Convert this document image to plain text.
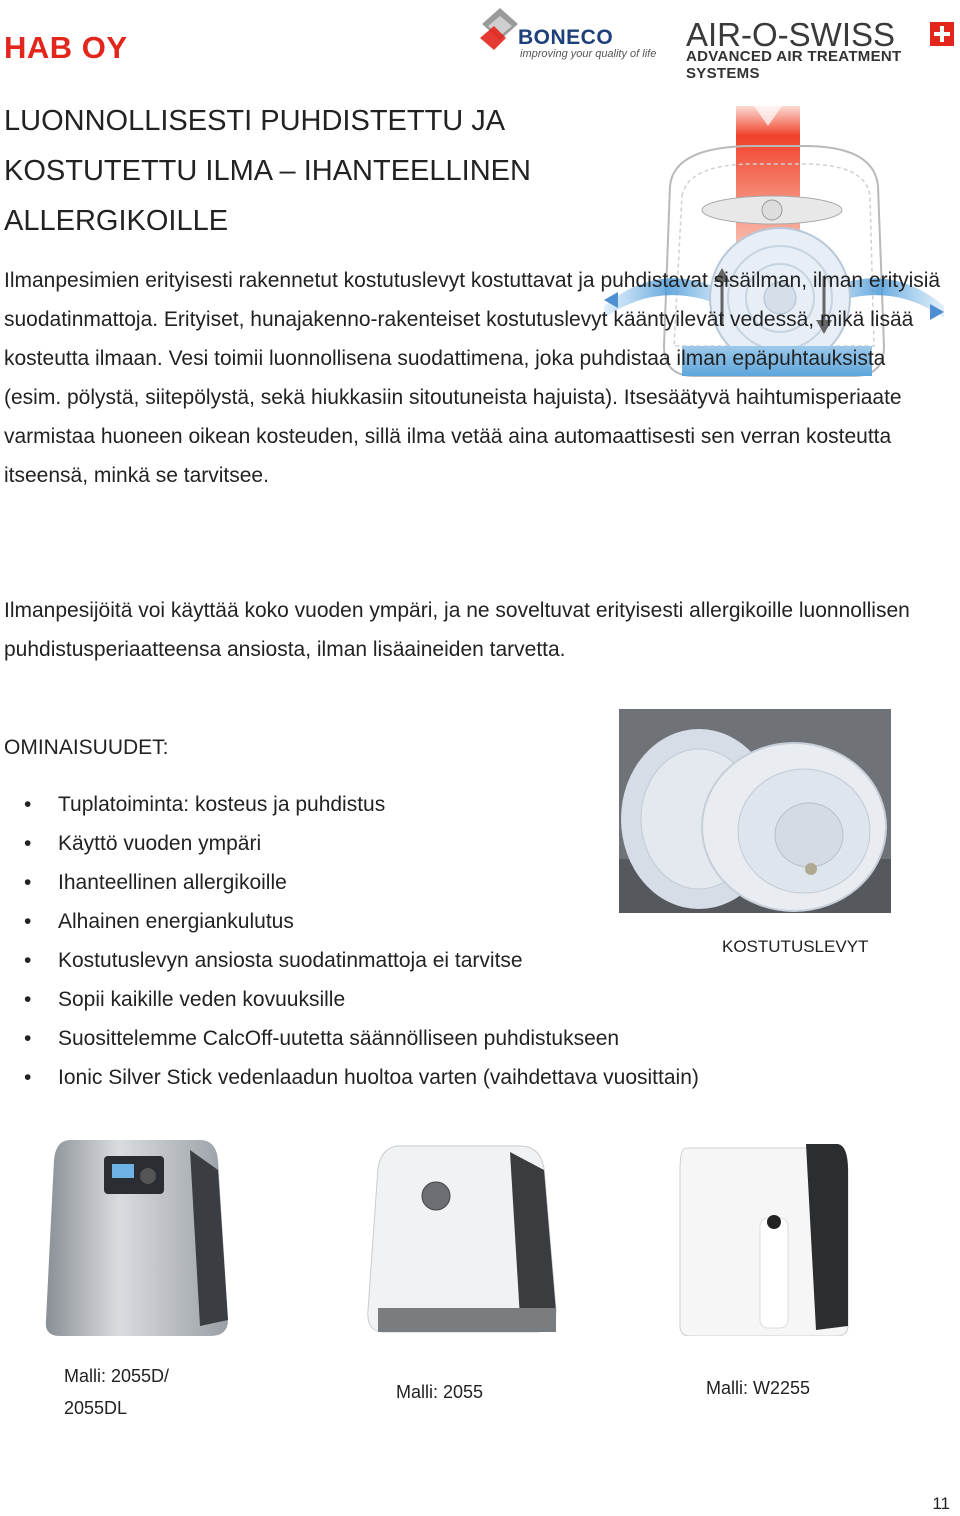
HAB OY	BONECO
improving your quality of life
AIR-O-SWISS
ADVANCED AIR TREATMENT SYSTEMS
LUONNOLLISESTI PUHDISTETTU JA KOSTUTETTU ILMA – IHANTEELLINEN ALLERGIKOILLE
Ilmanpesimien erityisesti rakennetut kostutuslevyt kostuttavat ja puhdistavat sisäilman, ilman erityisiä suodatinmattoja. Erityiset, hunajakenno-rakenteiset kostutuslevyt kääntyilevät vedessä, mikä lisää kosteutta ilmaan. Vesi toimii luonnollisena suodattimena, joka puhdistaa ilman epäpuhtauksista (esim. pölystä, siitepölystä, sekä hiukkasiin sitoutuneista hajuista). Itsesäätyvä haihtumisperiaate varmistaa huoneen oikean kosteuden, sillä ilma vetää aina automaattisesti sen verran kosteutta itseensä, minkä se tarvitsee.
Ilmanpesijöitä voi käyttää koko vuoden ympäri, ja ne soveltuvat erityisesti allergikoille luonnollisen puhdistusperiaatteensa ansiosta, ilman lisäaineiden tarvetta.
OMINAISUUDET:
• Tuplatoiminta: kosteus ja puhdistus
• Käyttö vuoden ympäri
• Ihanteellinen allergikoille
• Alhainen energiankulutus
• Kostutuslevyn ansiosta suodatinmattoja ei tarvitse
• Sopii kaikille veden kovuuksille
• Suosittelemme CalcOff-uutetta säännölliseen puhdistukseen
• Ionic Silver Stick vedenlaadun huoltoa varten (vaihdettava vuosittain)
KOSTUTUSLEVYT
Malli: 2055D/
2055DL
Malli: 2055	Malli: W2255
11
